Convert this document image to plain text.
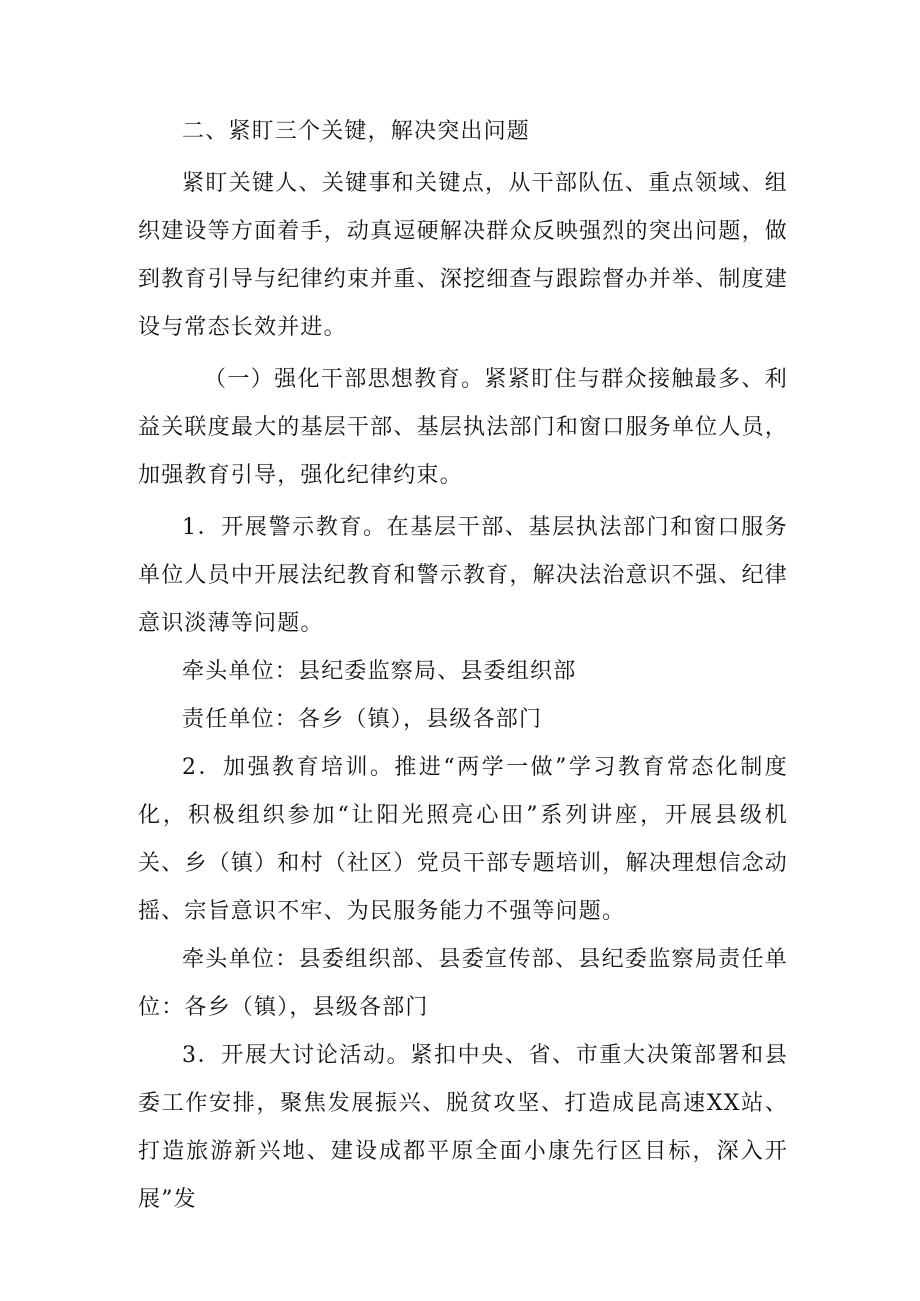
二、紧盯三个关键，解决突出问题

紧盯关键人、关键事和关键点，从干部队伍、重点领域、组织建设等方面着手，动真逗硬解决群众反映强烈的突出问题，做到教育引导与纪律约束并重、深挖细查与跟踪督办并举、制度建设与常态长效并进。

（一）强化干部思想教育。紧紧盯住与群众接触最多、利益关联度最大的基层干部、基层执法部门和窗口服务单位人员，加强教育引导，强化纪律约束。

1．开展警示教育。在基层干部、基层执法部门和窗口服务单位人员中开展法纪教育和警示教育，解决法治意识不强、纪律意识淡薄等问题。

牵头单位：县纪委监察局、县委组织部

责任单位：各乡（镇），县级各部门

2．加强教育培训。推进“两学一做”学习教育常态化制度化，积极组织参加“让阳光照亮心田”系列讲座，开展县级机关、乡（镇）和村（社区）党员干部专题培训，解决理想信念动摇、宗旨意识不牢、为民服务能力不强等问题。

牵头单位：县委组织部、县委宣传部、县纪委监察局责任单位：各乡（镇），县级各部门

3．开展大讨论活动。紧扣中央、省、市重大决策部署和县委工作安排，聚焦发展振兴、脱贫攻坚、打造成昆高速XX站、打造旅游新兴地、建设成都平原全面小康先行区目标，深入开展”发
